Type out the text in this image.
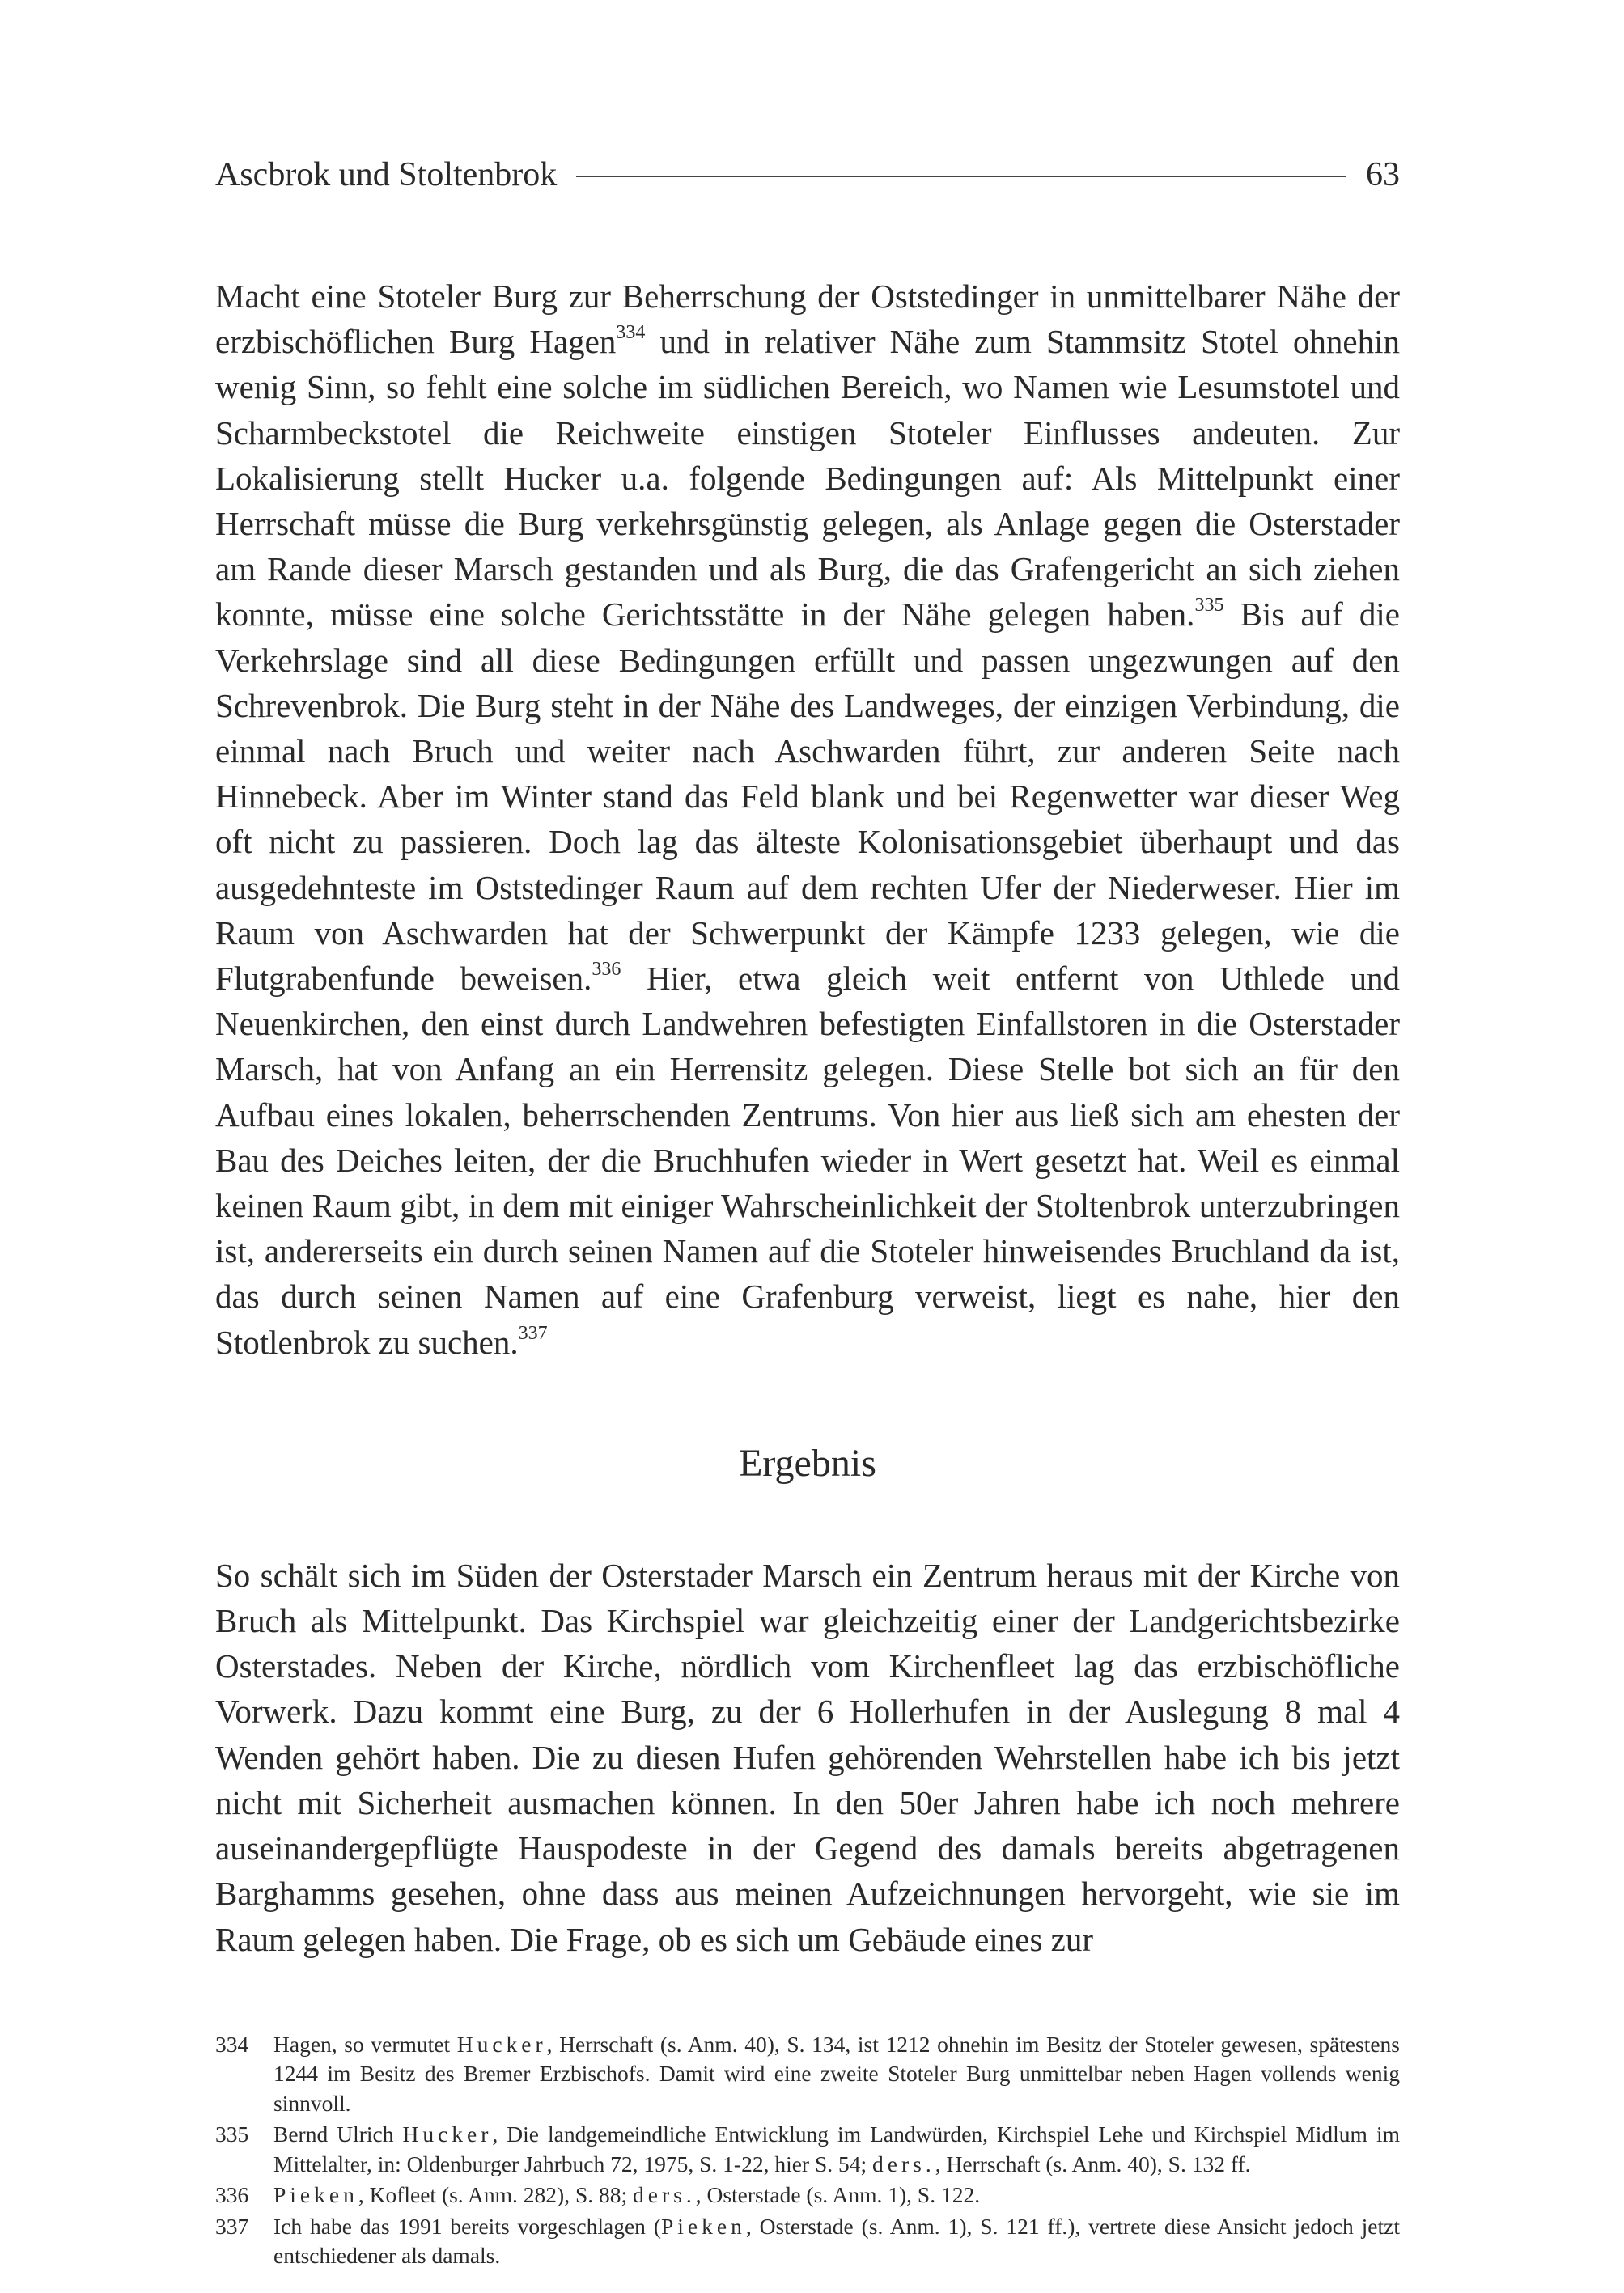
Ascbrok und Stoltenbrok	63

Macht eine Stoteler Burg zur Beherrschung der Oststedinger in unmittelbarer Nähe der erzbischöflichen Burg Hagen$^{334}$ und in relativer Nähe zum Stammsitz Stotel ohnehin wenig Sinn, so fehlt eine solche im südlichen Bereich, wo Namen wie Lesumstotel und Scharmbeckstotel die Reichweite einstigen Stoteler Einflusses andeuten. Zur Lokalisierung stellt Hucker u.a. folgende Bedingungen auf: Als Mittelpunkt einer Herrschaft müsse die Burg verkehrsgünstig gelegen, als Anlage gegen die Osterstader am Rande dieser Marsch gestanden und als Burg, die das Grafengericht an sich ziehen konnte, müsse eine solche Gerichtsstätte in der Nähe gelegen haben.$^{335}$ Bis auf die Verkehrslage sind all diese Bedingungen erfüllt und passen ungezwungen auf den Schrevenbrok. Die Burg steht in der Nähe des Landweges, der einzigen Verbindung, die einmal nach Bruch und weiter nach Aschwarden führt, zur anderen Seite nach Hinnebeck. Aber im Winter stand das Feld blank und bei Regenwetter war dieser Weg oft nicht zu passieren. Doch lag das älteste Kolonisationsgebiet überhaupt und das ausgedehnteste im Oststedinger Raum auf dem rechten Ufer der Niederweser. Hier im Raum von Aschwarden hat der Schwerpunkt der Kämpfe 1233 gelegen, wie die Flutgrabenfunde beweisen.$^{336}$ Hier, etwa gleich weit entfernt von Uthlede und Neuenkirchen, den einst durch Landwehren befestigten Einfallstoren in die Osterstader Marsch, hat von Anfang an ein Herrensitz gelegen. Diese Stelle bot sich an für den Aufbau eines lokalen, beherrschenden Zentrums. Von hier aus ließ sich am ehesten der Bau des Deiches leiten, der die Bruchhufen wieder in Wert gesetzt hat. Weil es einmal keinen Raum gibt, in dem mit einiger Wahrscheinlichkeit der Stoltenbrok unterzubringen ist, andererseits ein durch seinen Namen auf die Stoteler hinweisendes Bruchland da ist, das durch seinen Namen auf eine Grafenburg verweist, liegt es nahe, hier den Stotlenbrok zu suchen.$^{337}$

Ergebnis

So schält sich im Süden der Osterstader Marsch ein Zentrum heraus mit der Kirche von Bruch als Mittelpunkt. Das Kirchspiel war gleichzeitig einer der Landgerichtsbezirke Osterstades. Neben der Kirche, nördlich vom Kirchenfleet lag das erzbischöfliche Vorwerk. Dazu kommt eine Burg, zu der 6 Hollerhufen in der Auslegung 8 mal 4 Wenden gehört haben. Die zu diesen Hufen gehörenden Wehrstellen habe ich bis jetzt nicht mit Sicherheit ausmachen können. In den 50er Jahren habe ich noch mehrere auseinandergepflügte Hauspodeste in der Gegend des damals bereits abgetragenen Barghamms gesehen, ohne dass aus meinen Aufzeichnungen hervorgeht, wie sie im Raum gelegen haben. Die Frage, ob es sich um Gebäude eines zur

334	Hagen, so vermutet Hucker, Herrschaft (s. Anm. 40), S. 134, ist 1212 ohnehin im Besitz der Stoteler gewesen, spätestens 1244 im Besitz des Bremer Erzbischofs. Damit wird eine zweite Stoteler Burg unmittelbar neben Hagen vollends wenig sinnvoll.
335	Bernd Ulrich Hucker, Die landgemeindliche Entwicklung im Landwürden, Kirchspiel Lehe und Kirchspiel Midlum im Mittelalter, in: Oldenburger Jahrbuch 72, 1975, S. 1-22, hier S. 54; ders., Herrschaft (s. Anm. 40), S. 132 ff.
336	Pieken, Kofleet (s. Anm. 282), S. 88; ders., Osterstade (s. Anm. 1), S. 122.
337	Ich habe das 1991 bereits vorgeschlagen (Pieken, Osterstade (s. Anm. 1), S. 121 ff.), vertrete diese Ansicht jedoch jetzt entschiedener als damals.
